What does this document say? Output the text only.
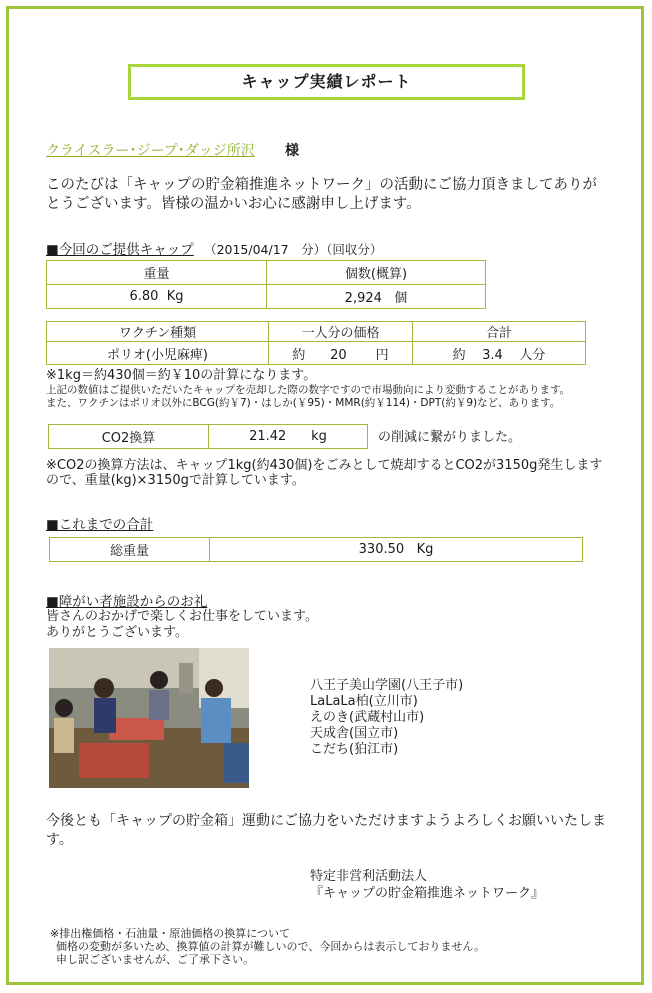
キャップ実績レポート
クライスラー･ジープ･ダッジ所沢 様
このたびは「キャップの貯金箱推進ネットワーク」の活動にご協力頂きましてありがとうございます。皆様の温かいお心に感謝申し上げます。
■今回のご提供キャップ （2015/04/17　分）（回収分）
重量	個数(概算)
6.80 Kg	2,924 個
ワクチン種類	一人分の価格	合計
ポリオ(小児麻痺)	約 20 円	約 3.4 人分
※1kg＝約430個＝約￥10の計算になります。
上記の数値はご提供いただいたキャップを売却した際の数字ですので市場動向により変動することがあります。
また、ワクチンはポリオ以外にBCG(約￥7)・はしか(￥95)・MMR(約￥114)・DPT(約￥9)など、あります。
CO2換算	21.42 kg	の削減に繋がりました。
※CO2の換算方法は、キャップ1kg(約430個)をごみとして焼却するとCO2が3150g発生しますので、重量(kg)×3150gで計算しています。
■これまでの合計
総重量	330.50 Kg
■障がい者施設からのお礼
皆さんのおかげで楽しくお仕事をしています。
ありがとうございます。
八王子美山学園(八王子市)
LaLaLa柏(立川市)
えのき(武蔵村山市)
天成舎(国立市)
こだち(狛江市)
今後とも「キャップの貯金箱」運動にご協力をいただけますようよろしくお願いいたします。
特定非営利活動法人
『キャップの貯金箱推進ネットワーク』
※排出権価格・石油量・原油価格の換算について
価格の変動が多いため、換算値の計算が難しいので、今回からは表示しておりません。
申し訳ございませんが、ご了承下さい。
